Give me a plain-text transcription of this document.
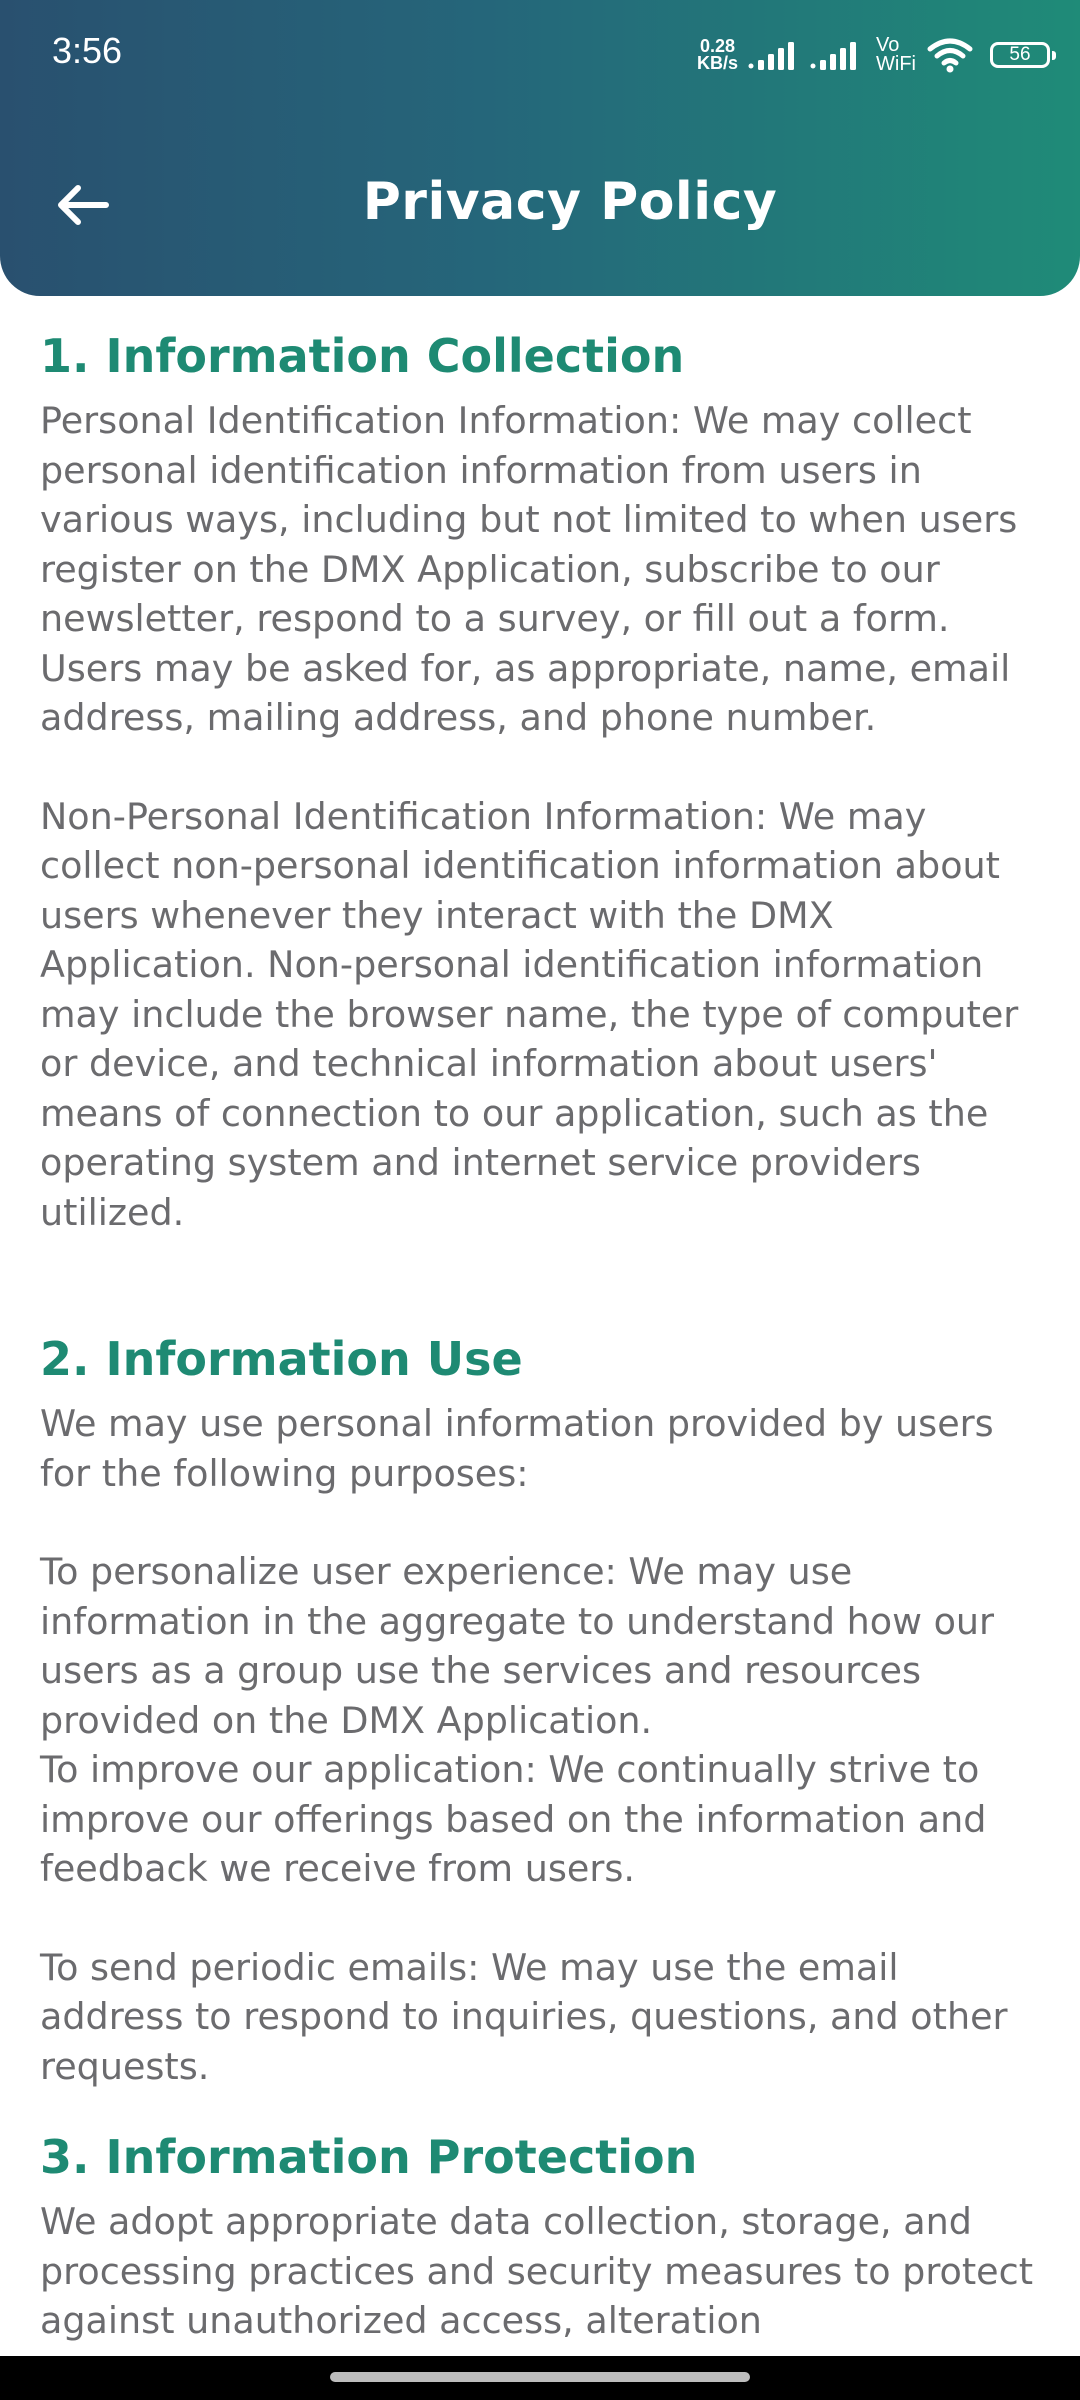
3:56	0.28
KB/s
Vo
WiFi	56
Privacy Policy
1. Information Collection

Personal Identification Information: We may collect personal identification information from users in various ways, including but not limited to when users register on the DMX Application, subscribe to our newsletter, respond to a survey, or fill out a form. Users may be asked for, as appropriate, name, email address, mailing address, and phone number.

Non-Personal Identification Information: We may collect non-personal identification information about users whenever they interact with the DMX Application. Non-personal identification information may include the browser name, the type of computer or device, and technical information about users' means of connection to our application, such as the operating system and internet service providers utilized.

2. Information Use

We may use personal information provided by users for the following purposes:

To personalize user experience: We may use information in the aggregate to understand how our users as a group use the services and resources provided on the DMX Application.

To improve our application: We continually strive to improve our offerings based on the information and feedback we receive from users.

To send periodic emails: We may use the email address to respond to inquiries, questions, and other requests.

3. Information Protection

We adopt appropriate data collection, storage, and processing practices and security measures to protect against unauthorized access, alteration
